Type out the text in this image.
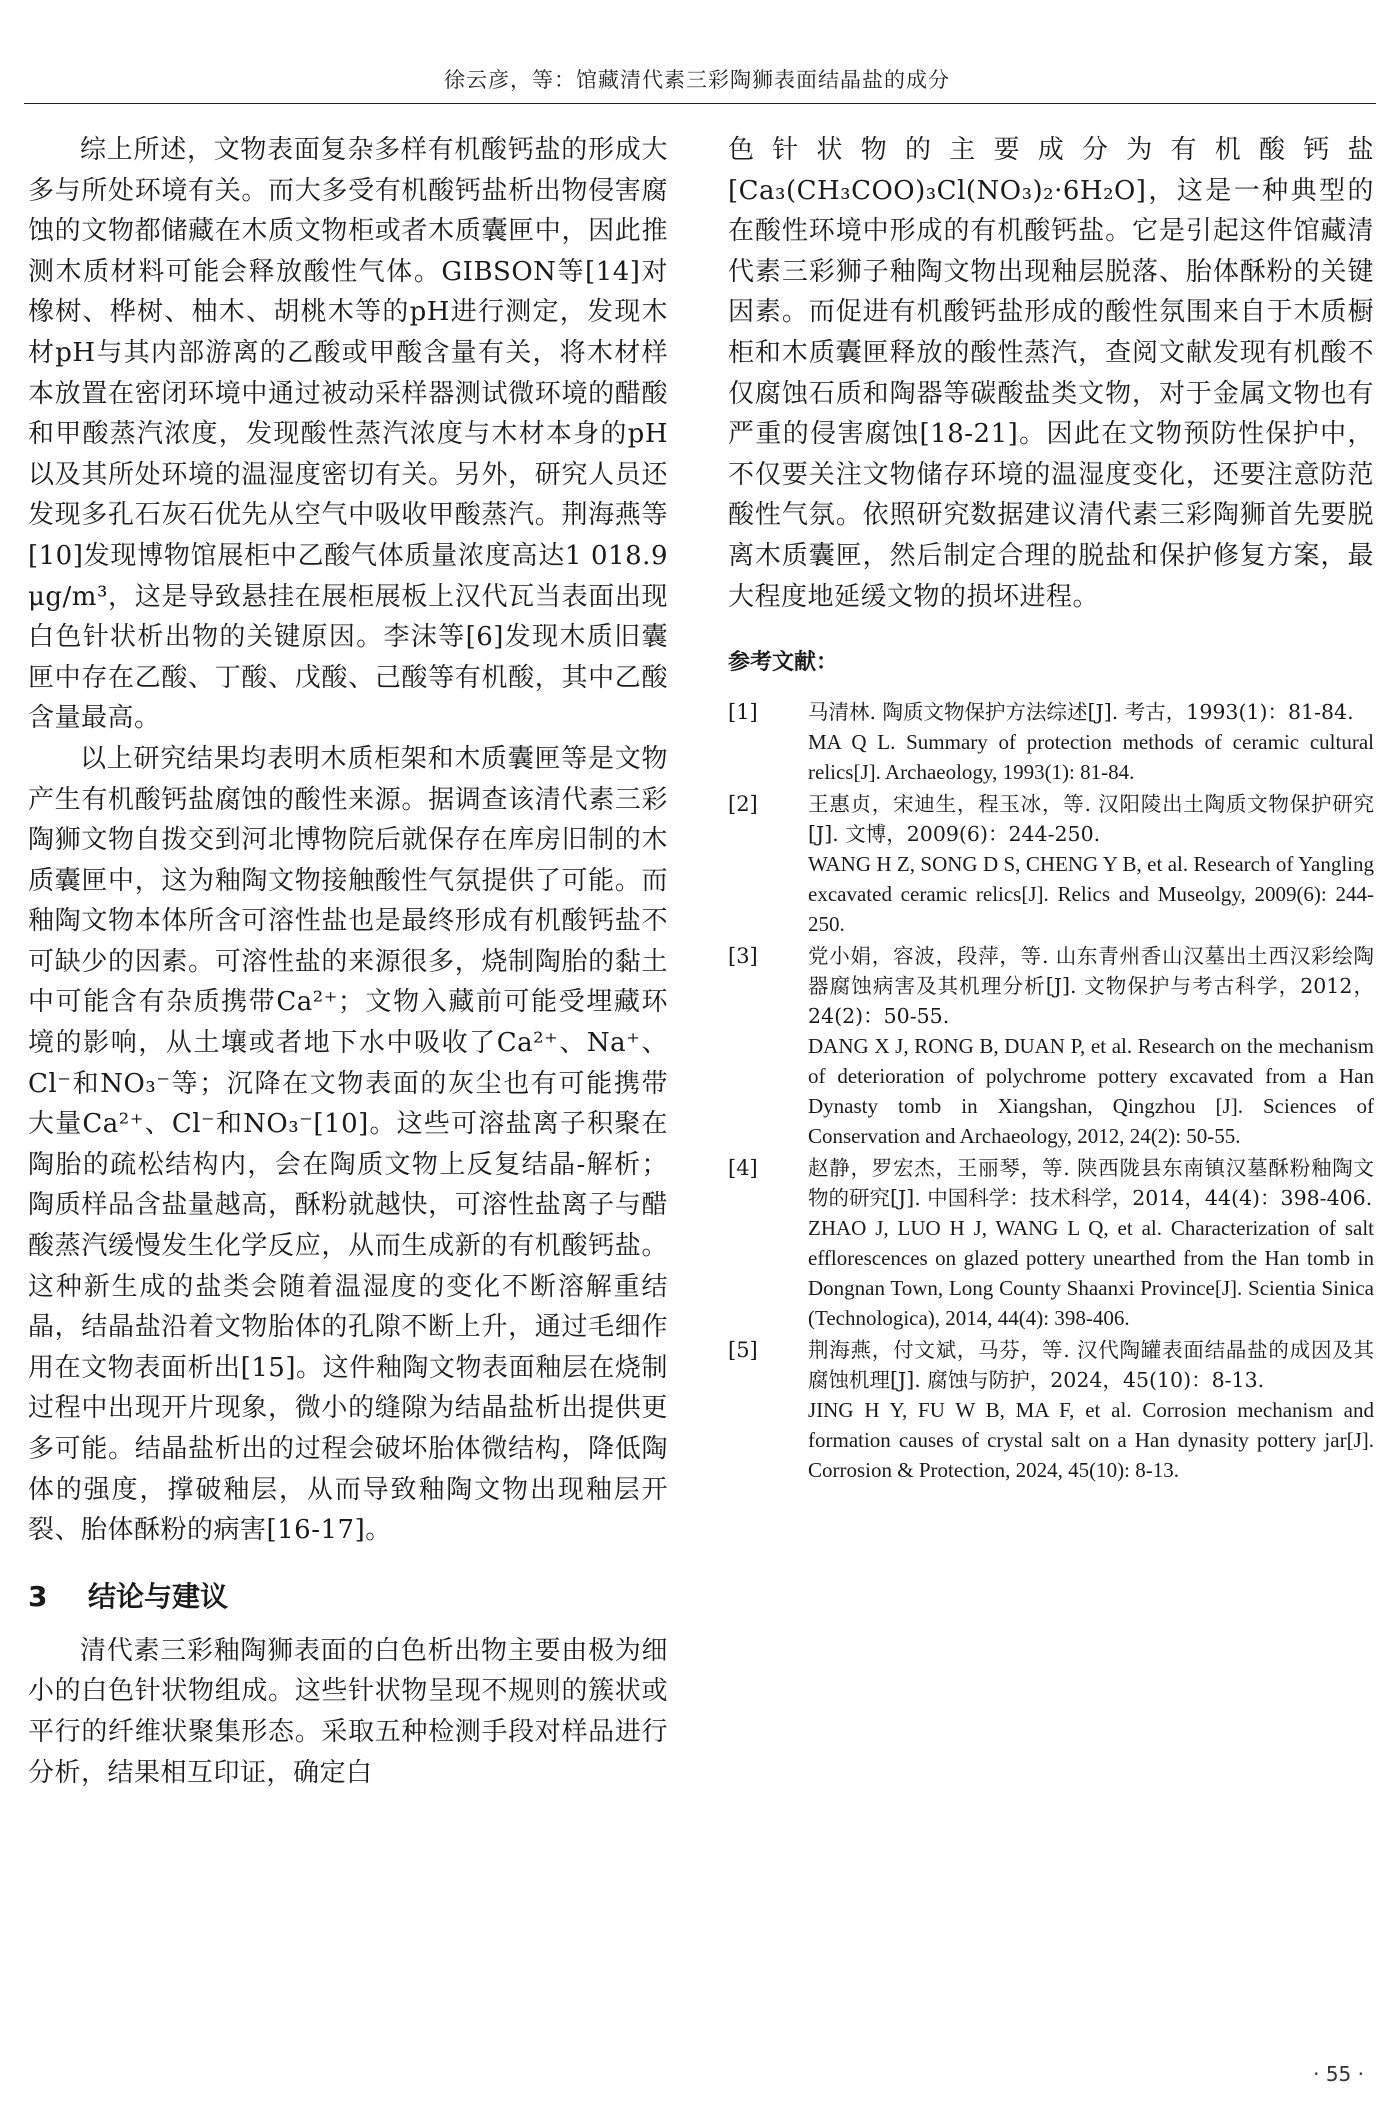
徐云彦，等：馆藏清代素三彩陶狮表面结晶盐的成分

综上所述，文物表面复杂多样有机酸钙盐的形成大多与所处环境有关。而大多受有机酸钙盐析出物侵害腐蚀的文物都储藏在木质文物柜或者木质囊匣中，因此推测木质材料可能会释放酸性气体。GIBSON等[14]对橡树、桦树、柚木、胡桃木等的pH进行测定，发现木材pH与其内部游离的乙酸或甲酸含量有关，将木材样本放置在密闭环境中通过被动采样器测试微环境的醋酸和甲酸蒸汽浓度，发现酸性蒸汽浓度与木材本身的pH以及其所处环境的温湿度密切有关。另外，研究人员还发现多孔石灰石优先从空气中吸收甲酸蒸汽。荆海燕等[10]发现博物馆展柜中乙酸气体质量浓度高达1 018.9 μg/m³，这是导致悬挂在展柜展板上汉代瓦当表面出现白色针状析出物的关键原因。李沫等[6]发现木质旧囊匣中存在乙酸、丁酸、戊酸、己酸等有机酸，其中乙酸含量最高。

以上研究结果均表明木质柜架和木质囊匣等是文物产生有机酸钙盐腐蚀的酸性来源。据调查该清代素三彩陶狮文物自拨交到河北博物院后就保存在库房旧制的木质囊匣中，这为釉陶文物接触酸性气氛提供了可能。而釉陶文物本体所含可溶性盐也是最终形成有机酸钙盐不可缺少的因素。可溶性盐的来源很多，烧制陶胎的黏土中可能含有杂质携带Ca²⁺；文物入藏前可能受埋藏环境的影响，从土壤或者地下水中吸收了Ca²⁺、Na⁺、Cl⁻和NO₃⁻等；沉降在文物表面的灰尘也有可能携带大量Ca²⁺、Cl⁻和NO₃⁻[10]。这些可溶盐离子积聚在陶胎的疏松结构内，会在陶质文物上反复结晶-解析；陶质样品含盐量越高，酥粉就越快，可溶性盐离子与醋酸蒸汽缓慢发生化学反应，从而生成新的有机酸钙盐。这种新生成的盐类会随着温湿度的变化不断溶解重结晶，结晶盐沿着文物胎体的孔隙不断上升，通过毛细作用在文物表面析出[15]。这件釉陶文物表面釉层在烧制过程中出现开片现象，微小的缝隙为结晶盐析出提供更多可能。结晶盐析出的过程会破坏胎体微结构，降低陶体的强度，撑破釉层，从而导致釉陶文物出现釉层开裂、胎体酥粉的病害[16-17]。

3 结论与建议

清代素三彩釉陶狮表面的白色析出物主要由极为细小的白色针状物组成。这些针状物呈现不规则的簇状或平行的纤维状聚集形态。采取五种检测手段对样品进行分析，结果相互印证，确定白

色针状物的主要成分为有机酸钙盐[Ca₃(CH₃COO)₃Cl(NO₃)₂·6H₂O]，这是一种典型的在酸性环境中形成的有机酸钙盐。它是引起这件馆藏清代素三彩狮子釉陶文物出现釉层脱落、胎体酥粉的关键因素。而促进有机酸钙盐形成的酸性氛围来自于木质橱柜和木质囊匣释放的酸性蒸汽，查阅文献发现有机酸不仅腐蚀石质和陶器等碳酸盐类文物，对于金属文物也有严重的侵害腐蚀[18-21]。因此在文物预防性保护中，不仅要关注文物储存环境的温湿度变化，还要注意防范酸性气氛。依照研究数据建议清代素三彩陶狮首先要脱离木质囊匣，然后制定合理的脱盐和保护修复方案，最大程度地延缓文物的损坏进程。

参考文献：
[1]	马清林. 陶质文物保护方法综述[J]. 考古，1993(1)：81-84.

MA Q L. Summary of protection methods of ceramic cultural relics[J]. Archaeology, 1993(1): 81-84.

[2]	王惠贞，宋迪生，程玉冰，等. 汉阳陵出土陶质文物保护研究[J]. 文博，2009(6)：244-250.

WANG H Z, SONG D S, CHENG Y B, et al. Research of Yangling excavated ceramic relics[J]. Relics and Museolgy, 2009(6): 244-250.

[3]	党小娟，容波，段萍，等. 山东青州香山汉墓出土西汉彩绘陶器腐蚀病害及其机理分析[J]. 文物保护与考古科学，2012，24(2)：50-55.

DANG X J, RONG B, DUAN P, et al. Research on the mechanism of deterioration of polychrome pottery excavated from a Han Dynasty tomb in Xiangshan, Qingzhou [J]. Sciences of Conservation and Archaeology, 2012, 24(2): 50-55.

[4]	赵静，罗宏杰，王丽琴，等. 陕西陇县东南镇汉墓酥粉釉陶文物的研究[J]. 中国科学：技术科学，2014，44(4)：398-406.

ZHAO J, LUO H J, WANG L Q, et al. Characterization of salt efflorescences on glazed pottery unearthed from the Han tomb in Dongnan Town, Long County Shaanxi Province[J]. Scientia Sinica (Technologica), 2014, 44(4): 398-406.

[5]	荆海燕，付文斌，马芬，等. 汉代陶罐表面结晶盐的成因及其腐蚀机理[J]. 腐蚀与防护，2024，45(10)：8-13.

JING H Y, FU W B, MA F, et al. Corrosion mechanism and formation causes of crystal salt on a Han dynasity pottery jar[J]. Corrosion & Protection, 2024, 45(10): 8-13.

· 55 ·
